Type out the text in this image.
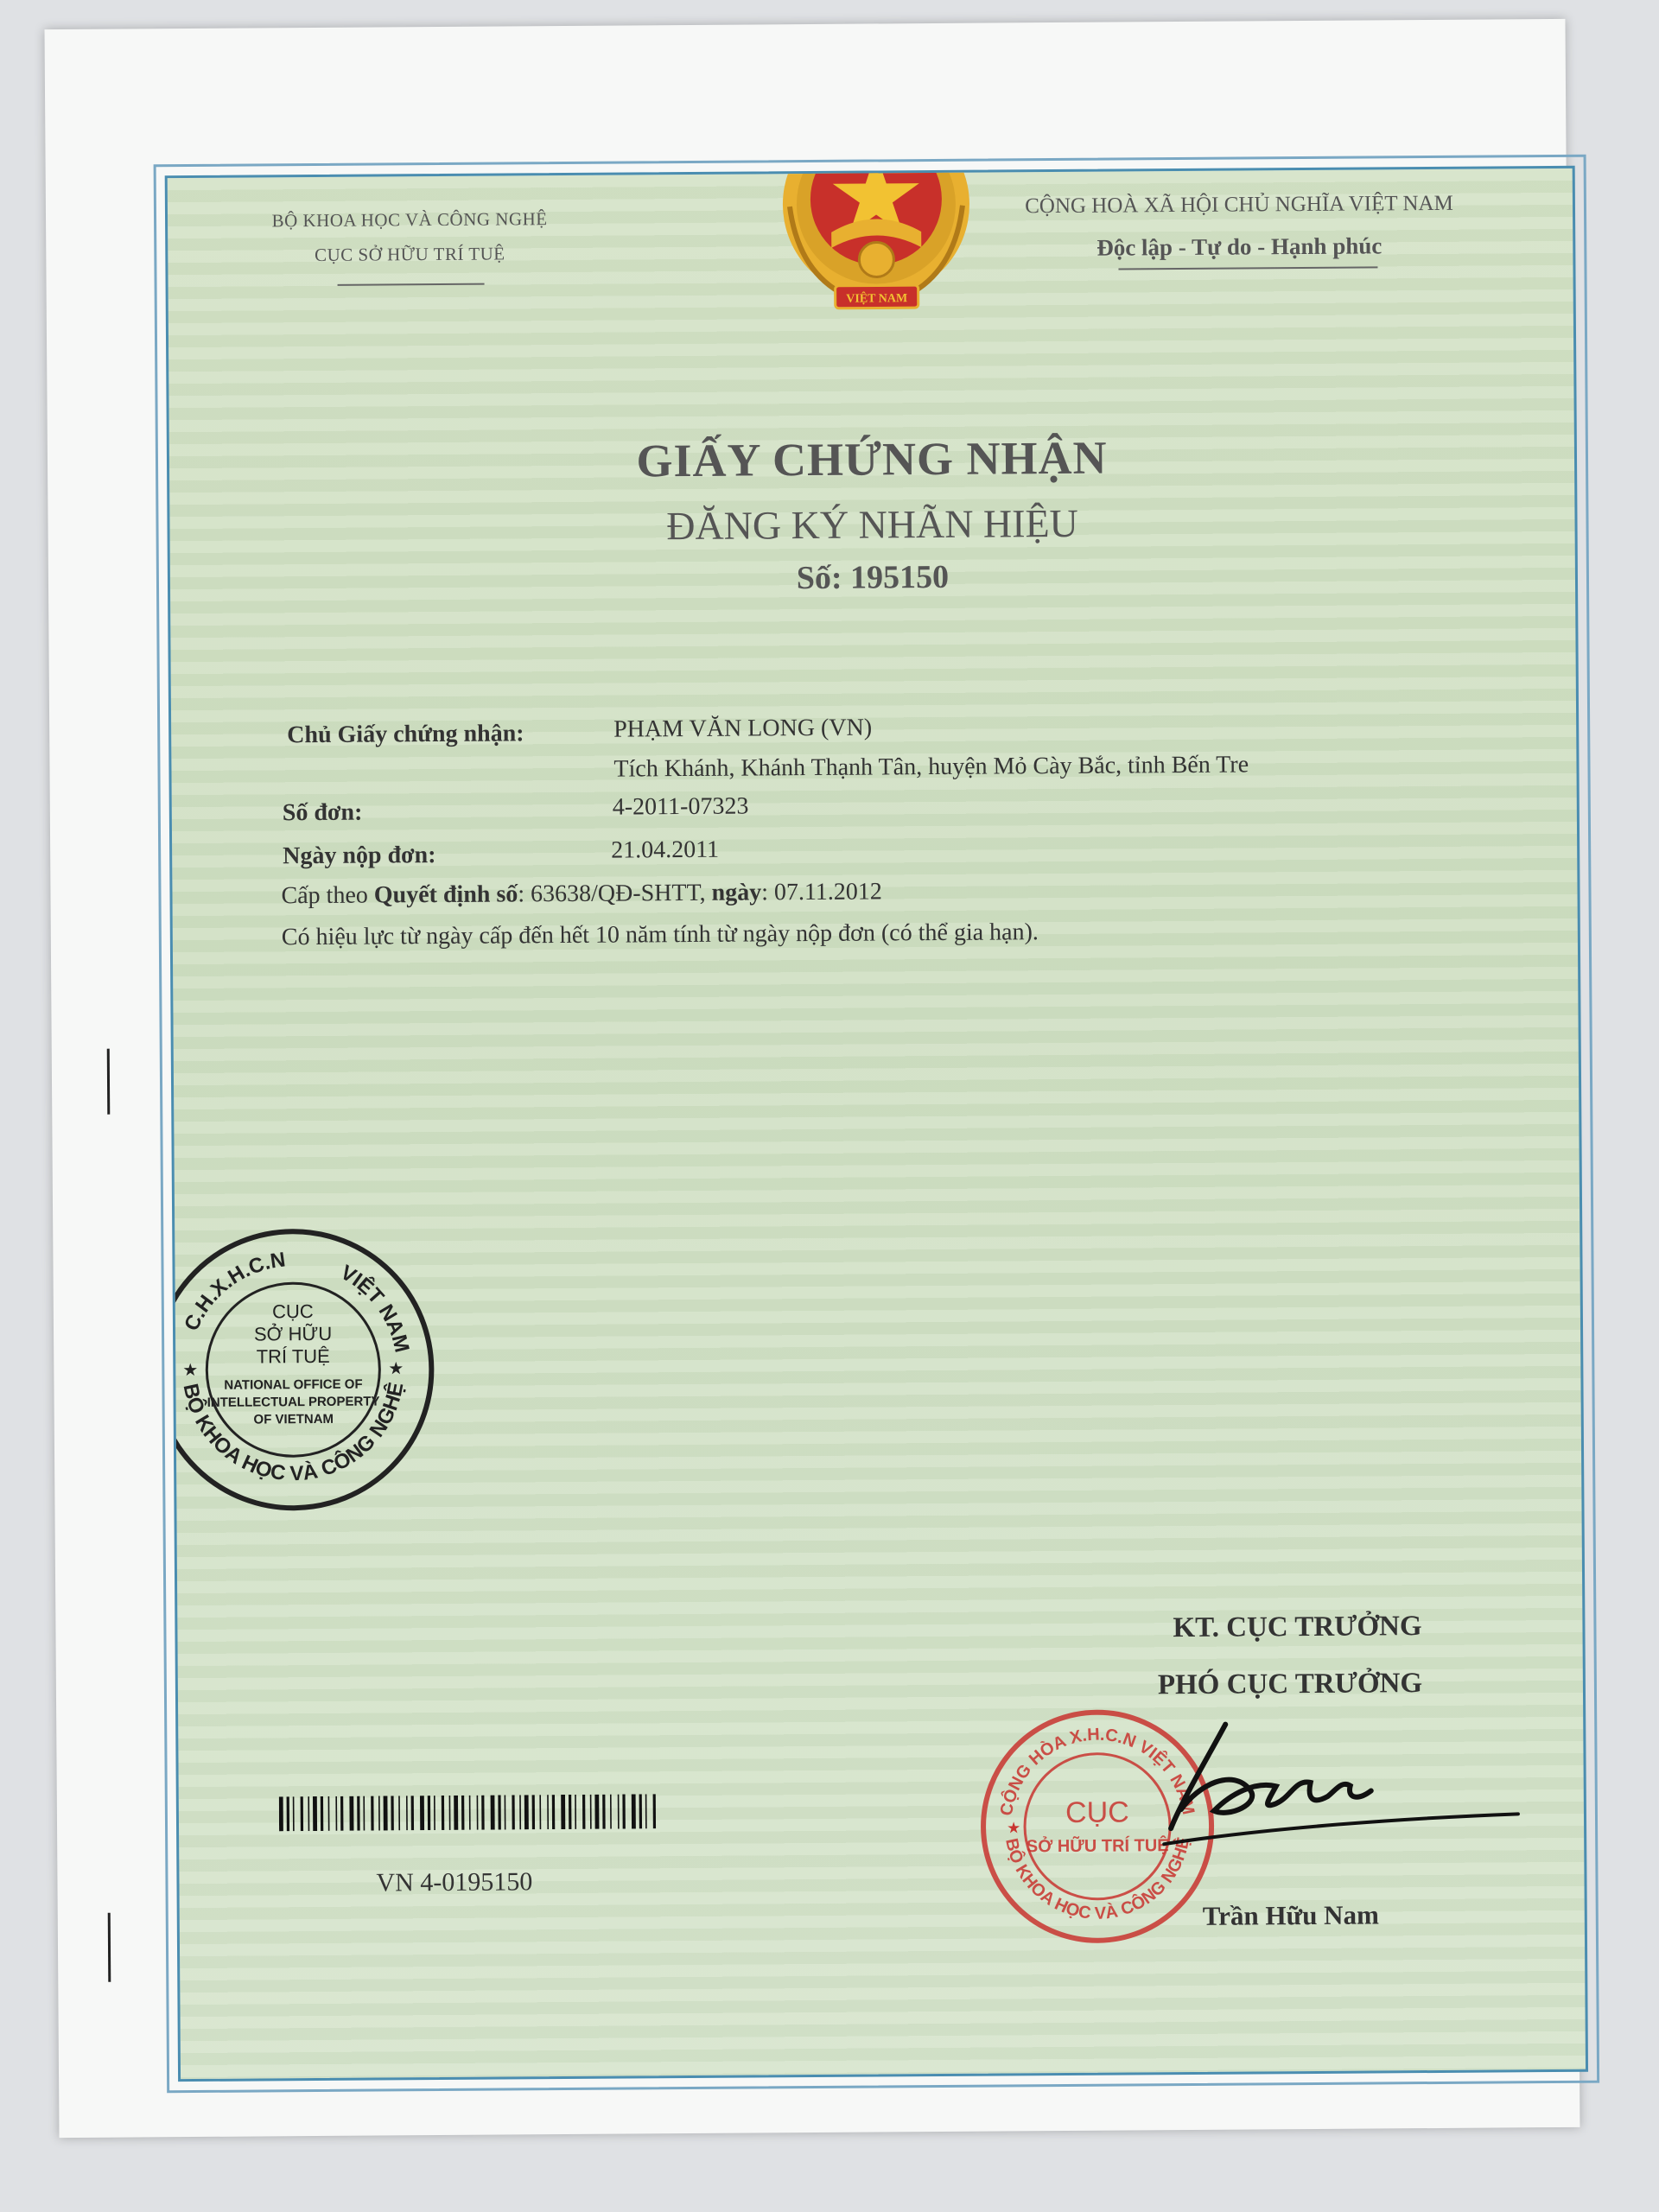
BỘ KHOA HỌC VÀ CÔNG NGHỆ
CỤC SỞ HỮU TRÍ TUỆ
CỘNG HOÀ XÃ HỘI CHỦ NGHĨA VIỆT NAM
Độc lập - Tự do - Hạnh phúc
VIỆT NAM
GIẤY CHỨNG NHẬN
ĐĂNG KÝ NHÃN HIỆU
Số: 195150
Chủ Giấy chứng nhận:	PHẠM VĂN LONG (VN)
Tích Khánh, Khánh Thạnh Tân, huyện Mỏ Cày Bắc, tỉnh Bến Tre
Số đơn:	4-2011-07323
Ngày nộp đơn:	21.04.2011
Cấp theo Quyết định số: 63638/QĐ-SHTT, ngày: 07.11.2012
Có hiệu lực từ ngày cấp đến hết 10 năm tính từ ngày nộp đơn (có thể gia hạn).
C.H.X.H.C.N
VIỆT NAM
BỘ KHOA HỌC VÀ CÔNG NGHỆ
CỤC
SỞ HỮU
TRÍ TUỆ
NATIONAL OFFICE OF
INTELLECTUAL PROPERTY
OF VIETNAM
★	★
VN 4-0195150
KT. CỤC TRƯỞNG
PHÓ CỤC TRƯỞNG
CỘNG HÒA X.H.C.N VIỆT NAM
BỘ KHOA HỌC VÀ CÔNG NGHỆ
CỤC
SỞ HỮU TRÍ TUỆ
★
Trần Hữu Nam
